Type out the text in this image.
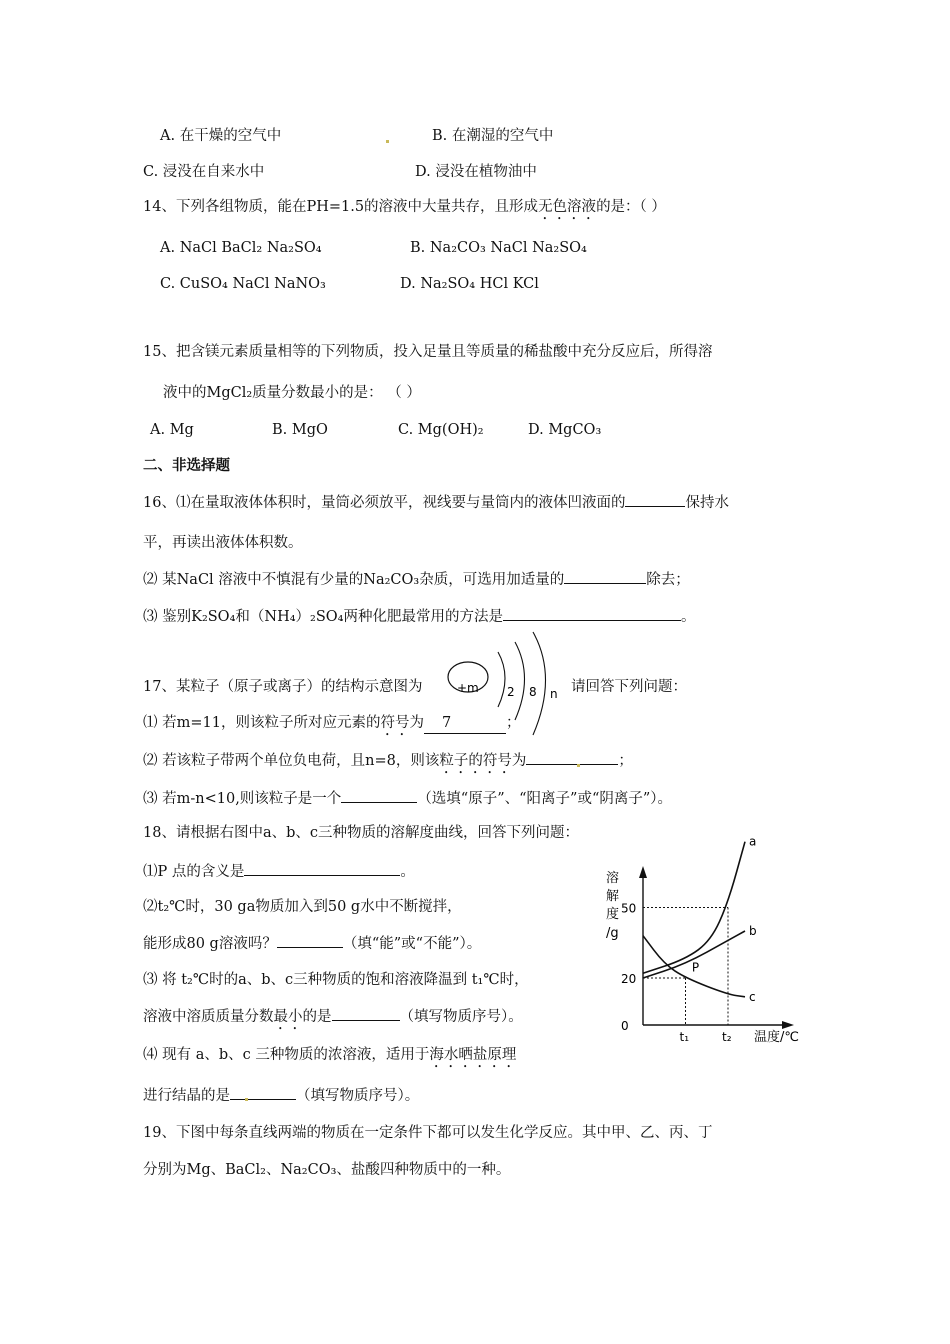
A. 在干燥的空气中	B. 在潮湿的空气中
C. 浸没在自来水中	D. 浸没在植物油中
14、下列各组物质，能在PH=1.5的溶液中大量共存，且形成无色溶液的是：（ ）
A. NaCl BaCl₂ Na₂SO₄	B. Na₂CO₃ NaCl Na₂SO₄
C. CuSO₄ NaCl NaNO₃	D. Na₂SO₄ HCl KCl
15、把含镁元素质量相等的下列物质，投入足量且等质量的稀盐酸中充分反应后，所得溶
液中的MgCl₂质量分数最小的是： （ ）
A. Mg	B. MgO	C. Mg(OH)₂	D. MgCO₃
二、非选择题
16、⑴在量取液体体积时，量筒必须放平，视线要与量筒内的液体凹液面的	保持水
平，再读出液体体积数。
⑵ 某NaCl 溶液中不慎混有少量的Na₂CO₃杂质，可选用加适量的	除去；
⑶ 鉴别K₂SO₄和（NH₄）₂SO₄两种化肥最常用的方法是	。
17、某粒子（原子或离子）的结构示意图为	+m 2 8 n 请回答下列问题：
⑴ 若m=11，则该粒子所对应元素的符号为 7	；
⑵ 若该粒子带两个单位负电荷，且n=8，则该粒子的符号为	；
⑶ 若m-n<10,则该粒子是一个	（选填“原子”、“阳离子”或“阴离子”）。
18、请根据右图中a、b、c三种物质的溶解度曲线，回答下列问题：
⑴P 点的含义是	。
⑵t₂℃时，30 ga物质加入到50 g水中不断搅拌，
能形成80 g溶液吗？	（填“能”或“不能”）。
⑶ 将 t₂℃时的a、b、c三种物质的饱和溶液降温到 t₁℃时，
溶液中溶质质量分数最小的是	（填写物质序号）。
⑷ 现有 a、b、c 三种物质的浓溶液，适用于海水晒盐原理
进行结晶的是	（填写物质序号）。
溶
解
度
/g
a
b
c
P
50
20
0
t₁	t₂ 温度/℃
19、下图中每条直线两端的物质在一定条件下都可以发生化学反应。其中甲、乙、丙、丁
分别为Mg、BaCl₂、Na₂CO₃、盐酸四种物质中的一种。
